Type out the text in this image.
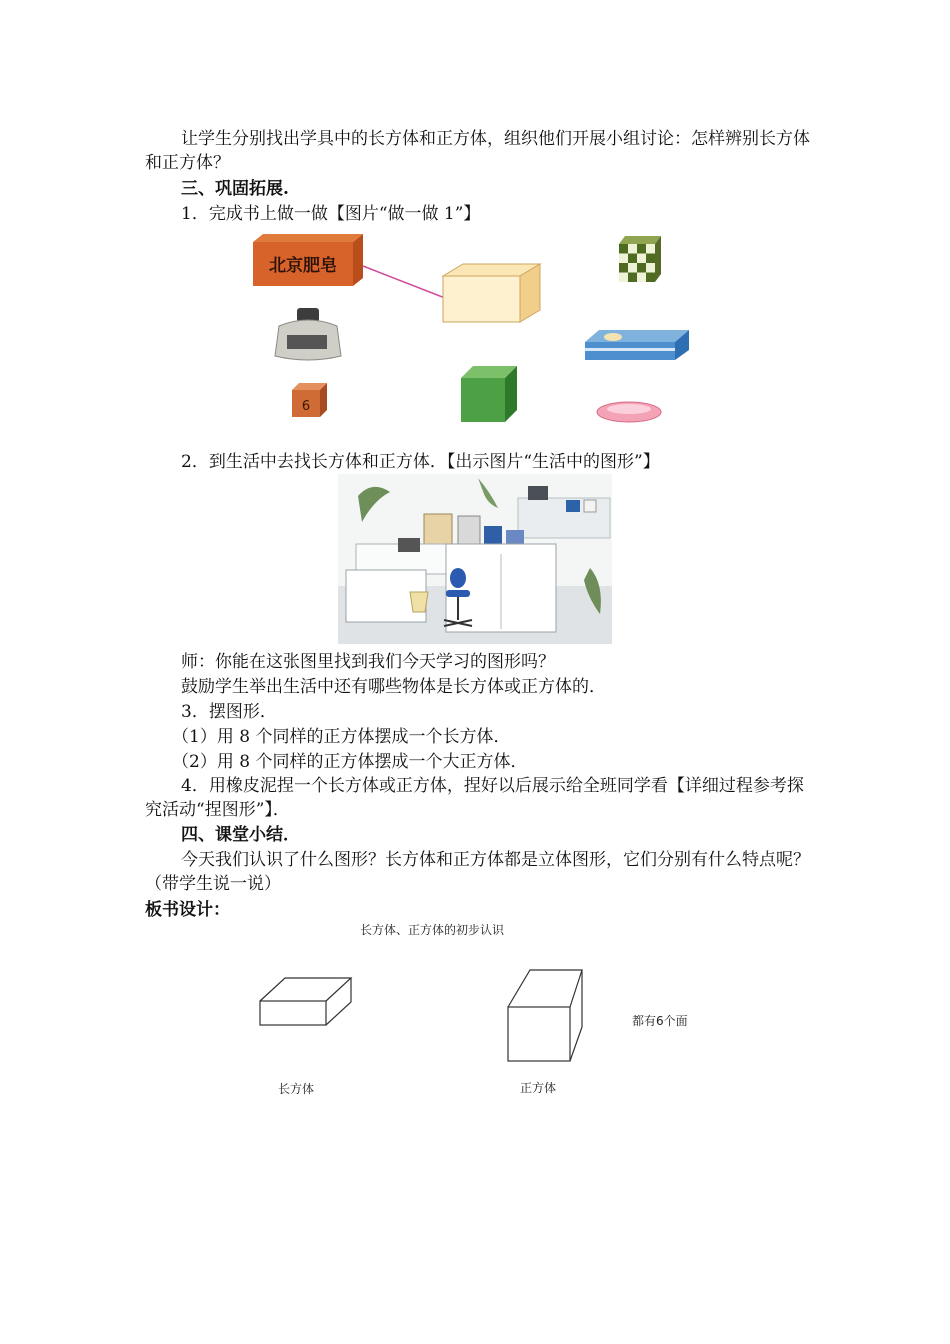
让学生分别找出学具中的长方体和正方体，组织他们开展小组讨论：怎样辨别长方体和正方体？
三、巩固拓展.
1．完成书上做一做【图片“做一做 1”】
北京肥皂
6
2．到生活中去找长方体和正方体．【出示图片“生活中的图形”】
师：你能在这张图里找到我们今天学习的图形吗？
鼓励学生举出生活中还有哪些物体是长方体或正方体的．
3．摆图形．
（1）用 8 个同样的正方体摆成一个长方体．
（2）用 8 个同样的正方体摆成一个大正方体．
4．用橡皮泥捏一个长方体或正方体，捏好以后展示给全班同学看【详细过程参考探究活动“捏图形”】．
四、课堂小结．
今天我们认识了什么图形？长方体和正方体都是立体图形，它们分别有什么特点呢？（带学生说一说）
板书设计：
长方体、正方体的初步认识
都有6个面
长方体	正方体
